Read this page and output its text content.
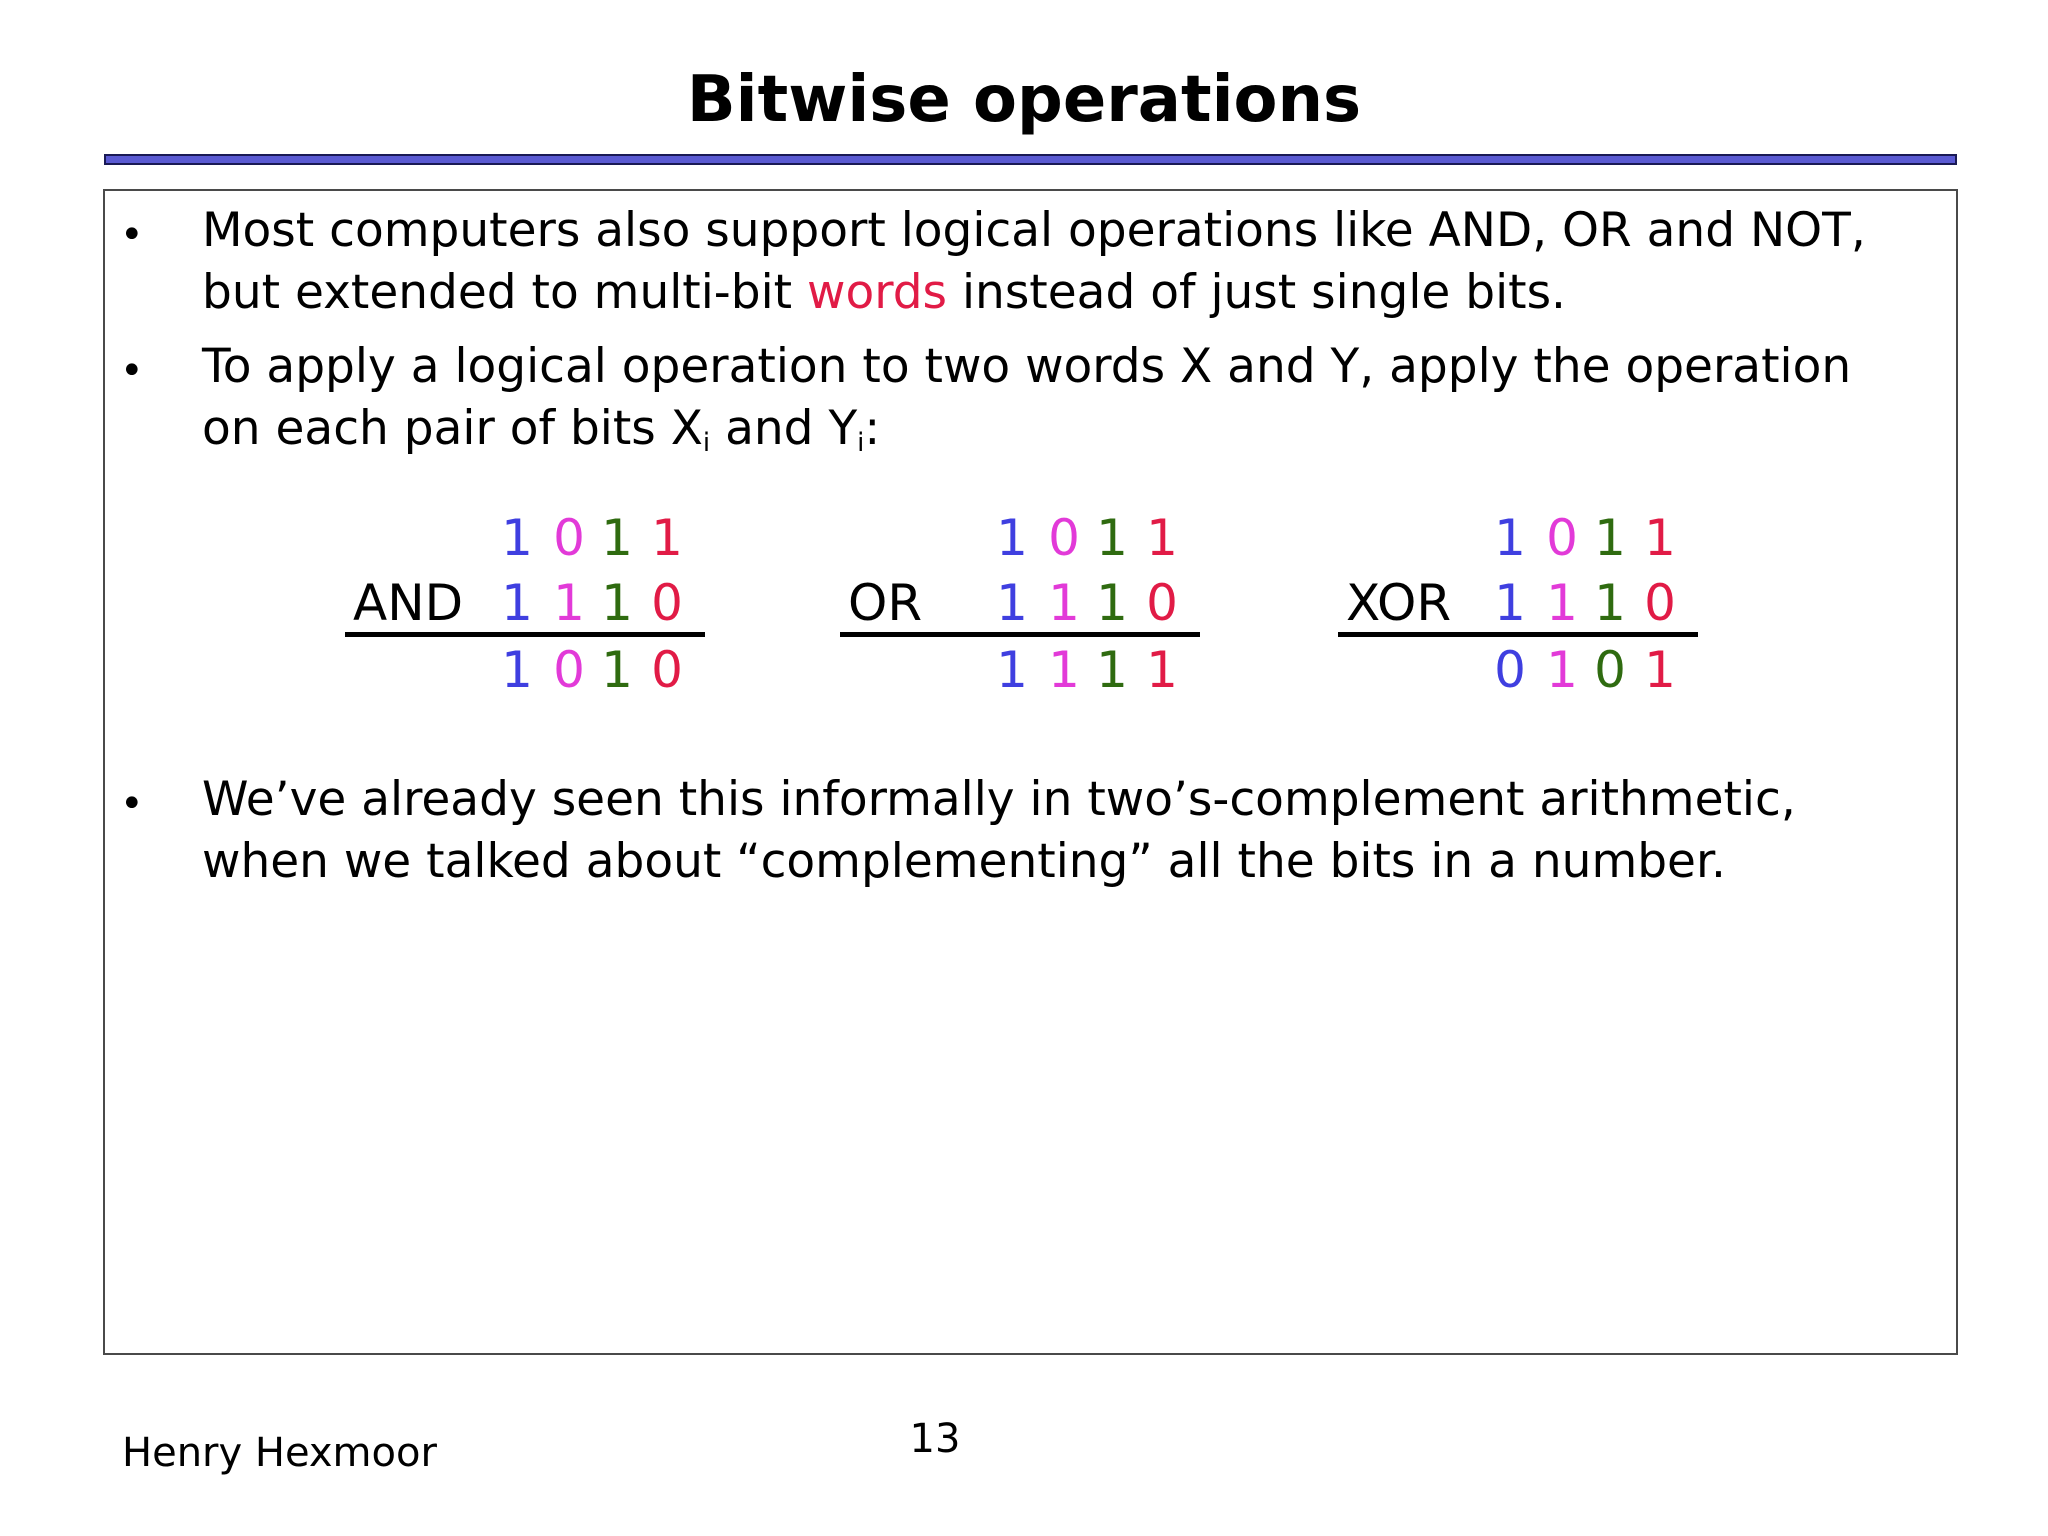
Bitwise operations
•	Most computers also support logical operations like AND, OR and NOT,
but extended to multi-bit words instead of just single bits.
•	To apply a logical operation to two words X and Y, apply the operation
on each pair of bits $X_i$ and $Y_i$:
AND
1 0 1 1
1 1 1 0
1 0 1 0
OR
1 0 1 1
1 1 1 0
1 1 1 1
XOR
1 0 1 1
1 1 1 0
0 1 0 1
•	We’ve already seen this informally in two’s-complement arithmetic,
when we talked about “complementing” all the bits in a number.
Henry Hexmoor	13
